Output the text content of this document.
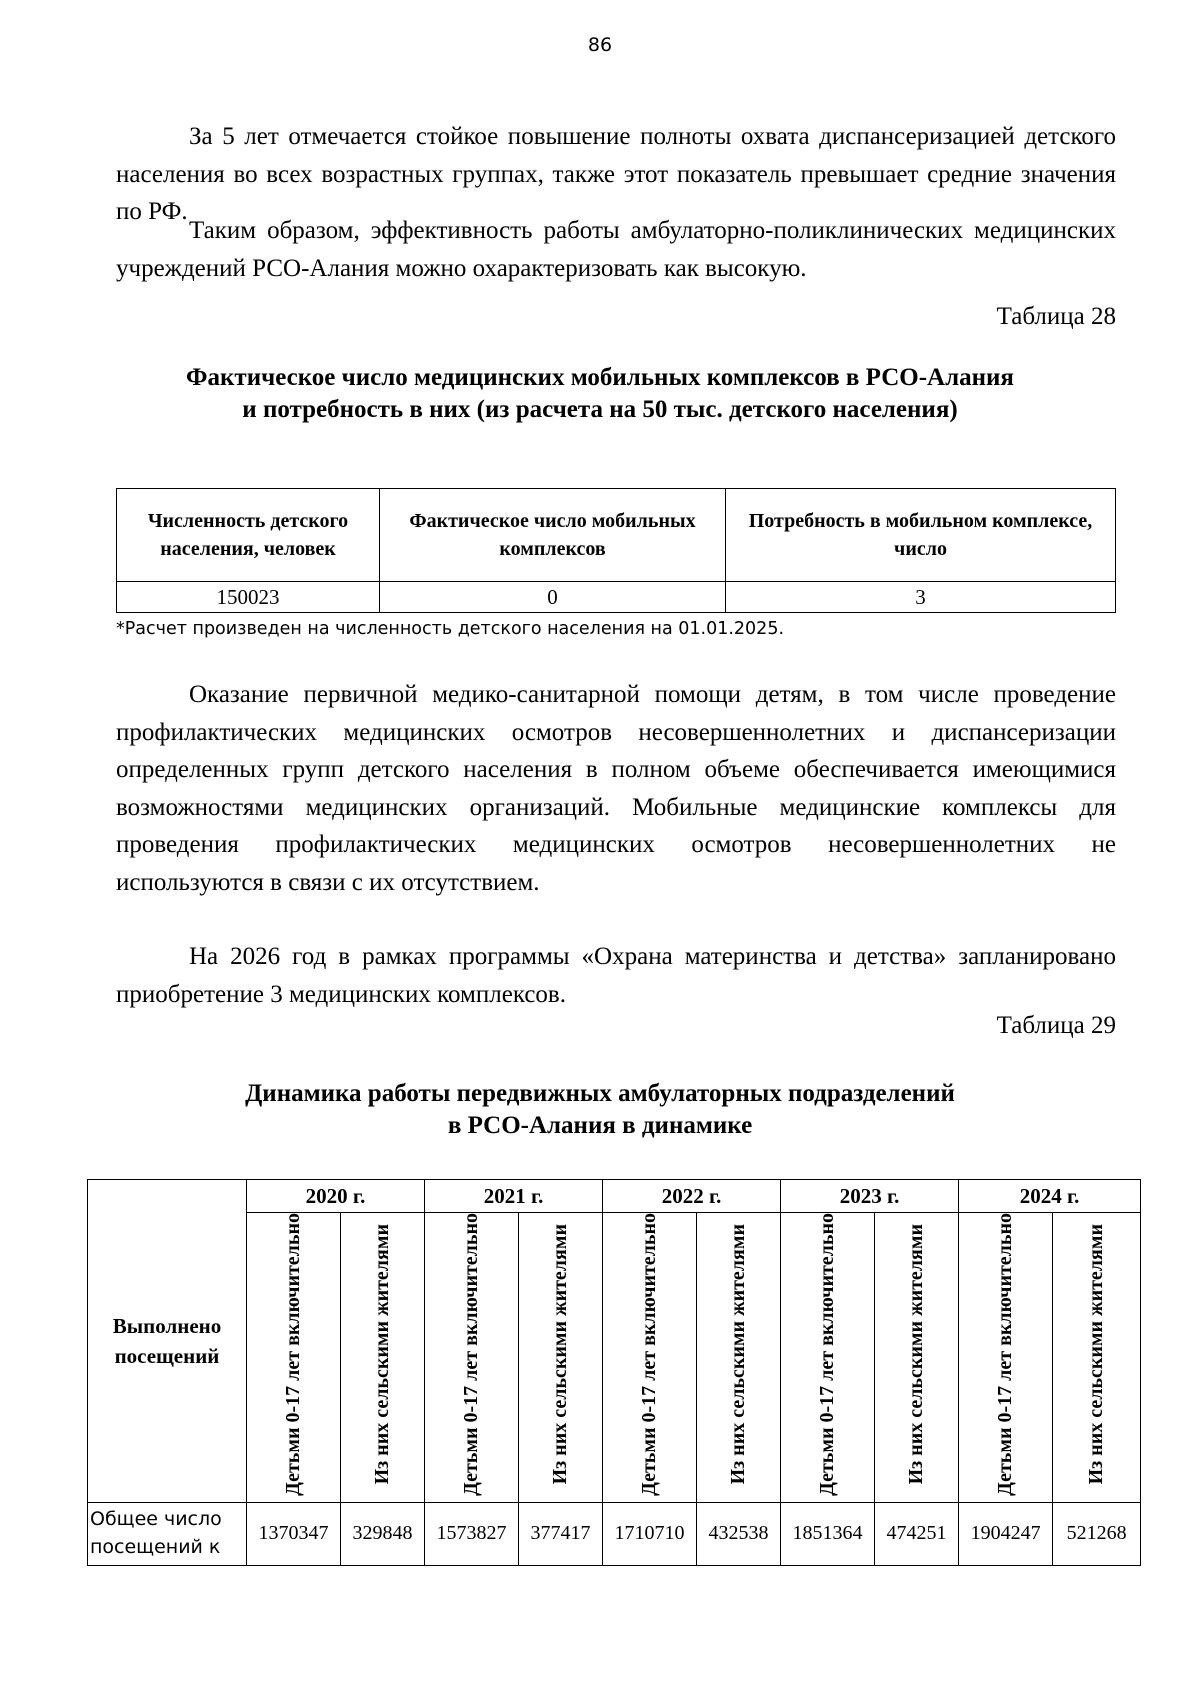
86

За 5 лет отмечается стойкое повышение полноты охвата диспансеризацией детского населения во всех возрастных группах, также этот показатель превышает средние значения по РФ.

Таким образом, эффективность работы амбулаторно-поликлинических медицинских учреждений РСО-Алания можно охарактеризовать как высокую.

Таблица 28

Фактическое число медицинских мобильных комплексов в РСО-Алания

и потребность в них (из расчета на 50 тыс. детского населения)

Численность детского населения, человек	Фактическое число мобильных комплексов	Потребность в мобильном комплексе, число
150023	0	3

*Расчет произведен на численность детского населения на 01.01.2025.

Оказание первичной медико-санитарной помощи детям, в том числе проведение профилактических медицинских осмотров несовершеннолетних и диспансеризации определенных групп детского населения в полном объеме обеспечивается имеющимися возможностями медицинских организаций. Мобильные медицинские комплексы для проведения профилактических медицинских осмотров несовершеннолетних не используются в связи с их отсутствием.

На 2026 год в рамках программы «Охрана материнства и детства» запланировано приобретение 3 медицинских комплексов.

Таблица 29

Динамика работы передвижных амбулаторных подразделений

в РСО-Алания в динамике

Выполнено посещений	2020 г.		2021 г.		2022 г.		2023 г.		2024 г.	
	Детьми 0-17 лет включительно	Из них сельскими жителями	Детьми 0-17 лет включительно	Из них сельскими жителями	Детьми 0-17 лет включительно	Из них сельскими жителями	Детьми 0-17 лет включительно	Из них сельскими жителями	Детьми 0-17 лет включительно	Из них сельскими жителями
Общее число посещений к	1370347	329848	1573827	377417	1710710	432538	1851364	474251	1904247	521268
